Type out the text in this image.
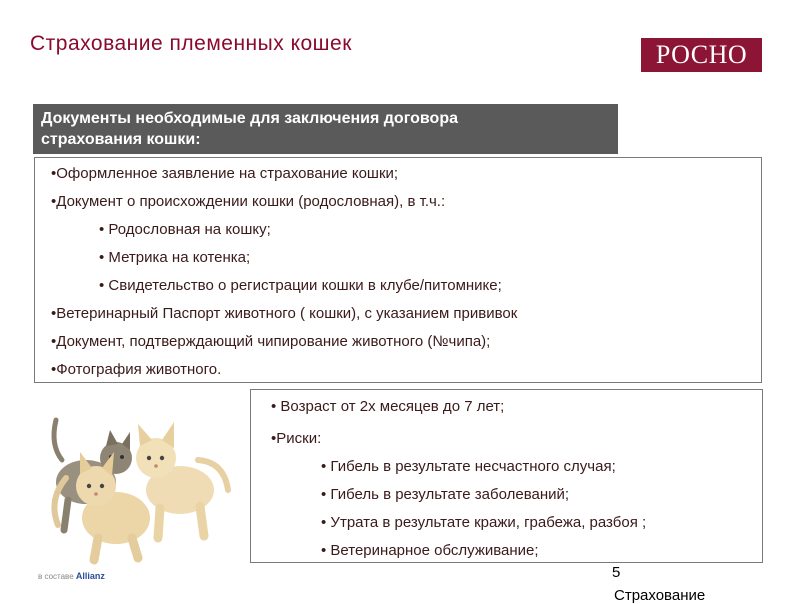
Страхование племенных кошек	РОСНО
Документы необходимые для заключения договора
страхования кошки:
•Оформленное заявление на страхование кошки;
•Документ о происхождении кошки (родословная), в т.ч.:
• Родословная на кошку;
• Метрика на котенка;
• Свидетельство о регистрации кошки в клубе/питомнике;
•Ветеринарный Паспорт животного ( кошки), с указанием прививок
•Документ, подтверждающий чипирование животного (№чипа);
•Фотография животного.
• Возраст от 2х месяцев до 7 лет;
•Риски:
• Гибель в результате несчастного случая;
• Гибель в результате заболеваний;
• Утрата в результате кражи, грабежа, разбоя ;
• Ветеринарное обслуживание;
в составе Allianz	5
Страхование
